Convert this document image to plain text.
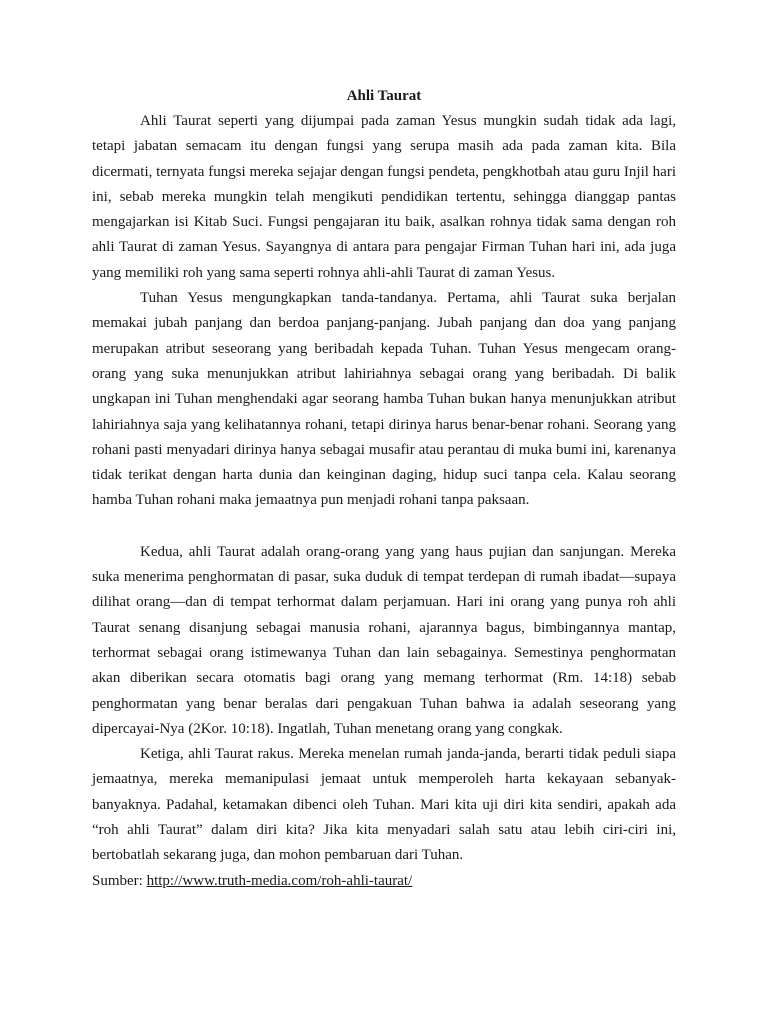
Ahli Taurat

Ahli Taurat seperti yang dijumpai pada zaman Yesus mungkin sudah tidak ada lagi, tetapi jabatan semacam itu dengan fungsi yang serupa masih ada pada zaman kita. Bila dicermati, ternyata fungsi mereka sejajar dengan fungsi pendeta, pengkhotbah atau guru Injil hari ini, sebab mereka mungkin telah mengikuti pendidikan tertentu, sehingga dianggap pantas mengajarkan isi Kitab Suci. Fungsi pengajaran itu baik, asalkan rohnya tidak sama dengan roh ahli Taurat di zaman Yesus. Sayangnya di antara para pengajar Firman Tuhan hari ini, ada juga yang memiliki roh yang sama seperti rohnya ahli-ahli Taurat di zaman Yesus.

Tuhan Yesus mengungkapkan tanda-tandanya. Pertama, ahli Taurat suka berjalan memakai jubah panjang dan berdoa panjang-panjang. Jubah panjang dan doa yang panjang merupakan atribut seseorang yang beribadah kepada Tuhan. Tuhan Yesus mengecam orang-orang yang suka menunjukkan atribut lahiriahnya sebagai orang yang beribadah. Di balik ungkapan ini Tuhan menghendaki agar seorang hamba Tuhan bukan hanya menunjukkan atribut lahiriahnya saja yang kelihatannya rohani, tetapi dirinya harus benar-benar rohani. Seorang yang rohani pasti menyadari dirinya hanya sebagai musafir atau perantau di muka bumi ini, karenanya tidak terikat dengan harta dunia dan keinginan daging, hidup suci tanpa cela. Kalau seorang hamba Tuhan rohani maka jemaatnya pun menjadi rohani tanpa paksaan.

Kedua, ahli Taurat adalah orang-orang yang yang haus pujian dan sanjungan. Mereka suka menerima penghormatan di pasar, suka duduk di tempat terdepan di rumah ibadat—supaya dilihat orang—dan di tempat terhormat dalam perjamuan. Hari ini orang yang punya roh ahli Taurat senang disanjung sebagai manusia rohani, ajarannya bagus, bimbingannya mantap, terhormat sebagai orang istimewanya Tuhan dan lain sebagainya. Semestinya penghormatan akan diberikan secara otomatis bagi orang yang memang terhormat (Rm. 14:18) sebab penghormatan yang benar beralas dari pengakuan Tuhan bahwa ia adalah seseorang yang dipercayai-Nya (2Kor. 10:18). Ingatlah, Tuhan menetang orang yang congkak.

Ketiga, ahli Taurat rakus. Mereka menelan rumah janda-janda, berarti tidak peduli siapa jemaatnya, mereka memanipulasi jemaat untuk memperoleh harta kekayaan sebanyak-banyaknya. Padahal, ketamakan dibenci oleh Tuhan. Mari kita uji diri kita sendiri, apakah ada “roh ahli Taurat” dalam diri kita? Jika kita menyadari salah satu atau lebih ciri-ciri ini, bertobatlah sekarang juga, dan mohon pembaruan dari Tuhan.

Sumber: http://www.truth-media.com/roh-ahli-taurat/
